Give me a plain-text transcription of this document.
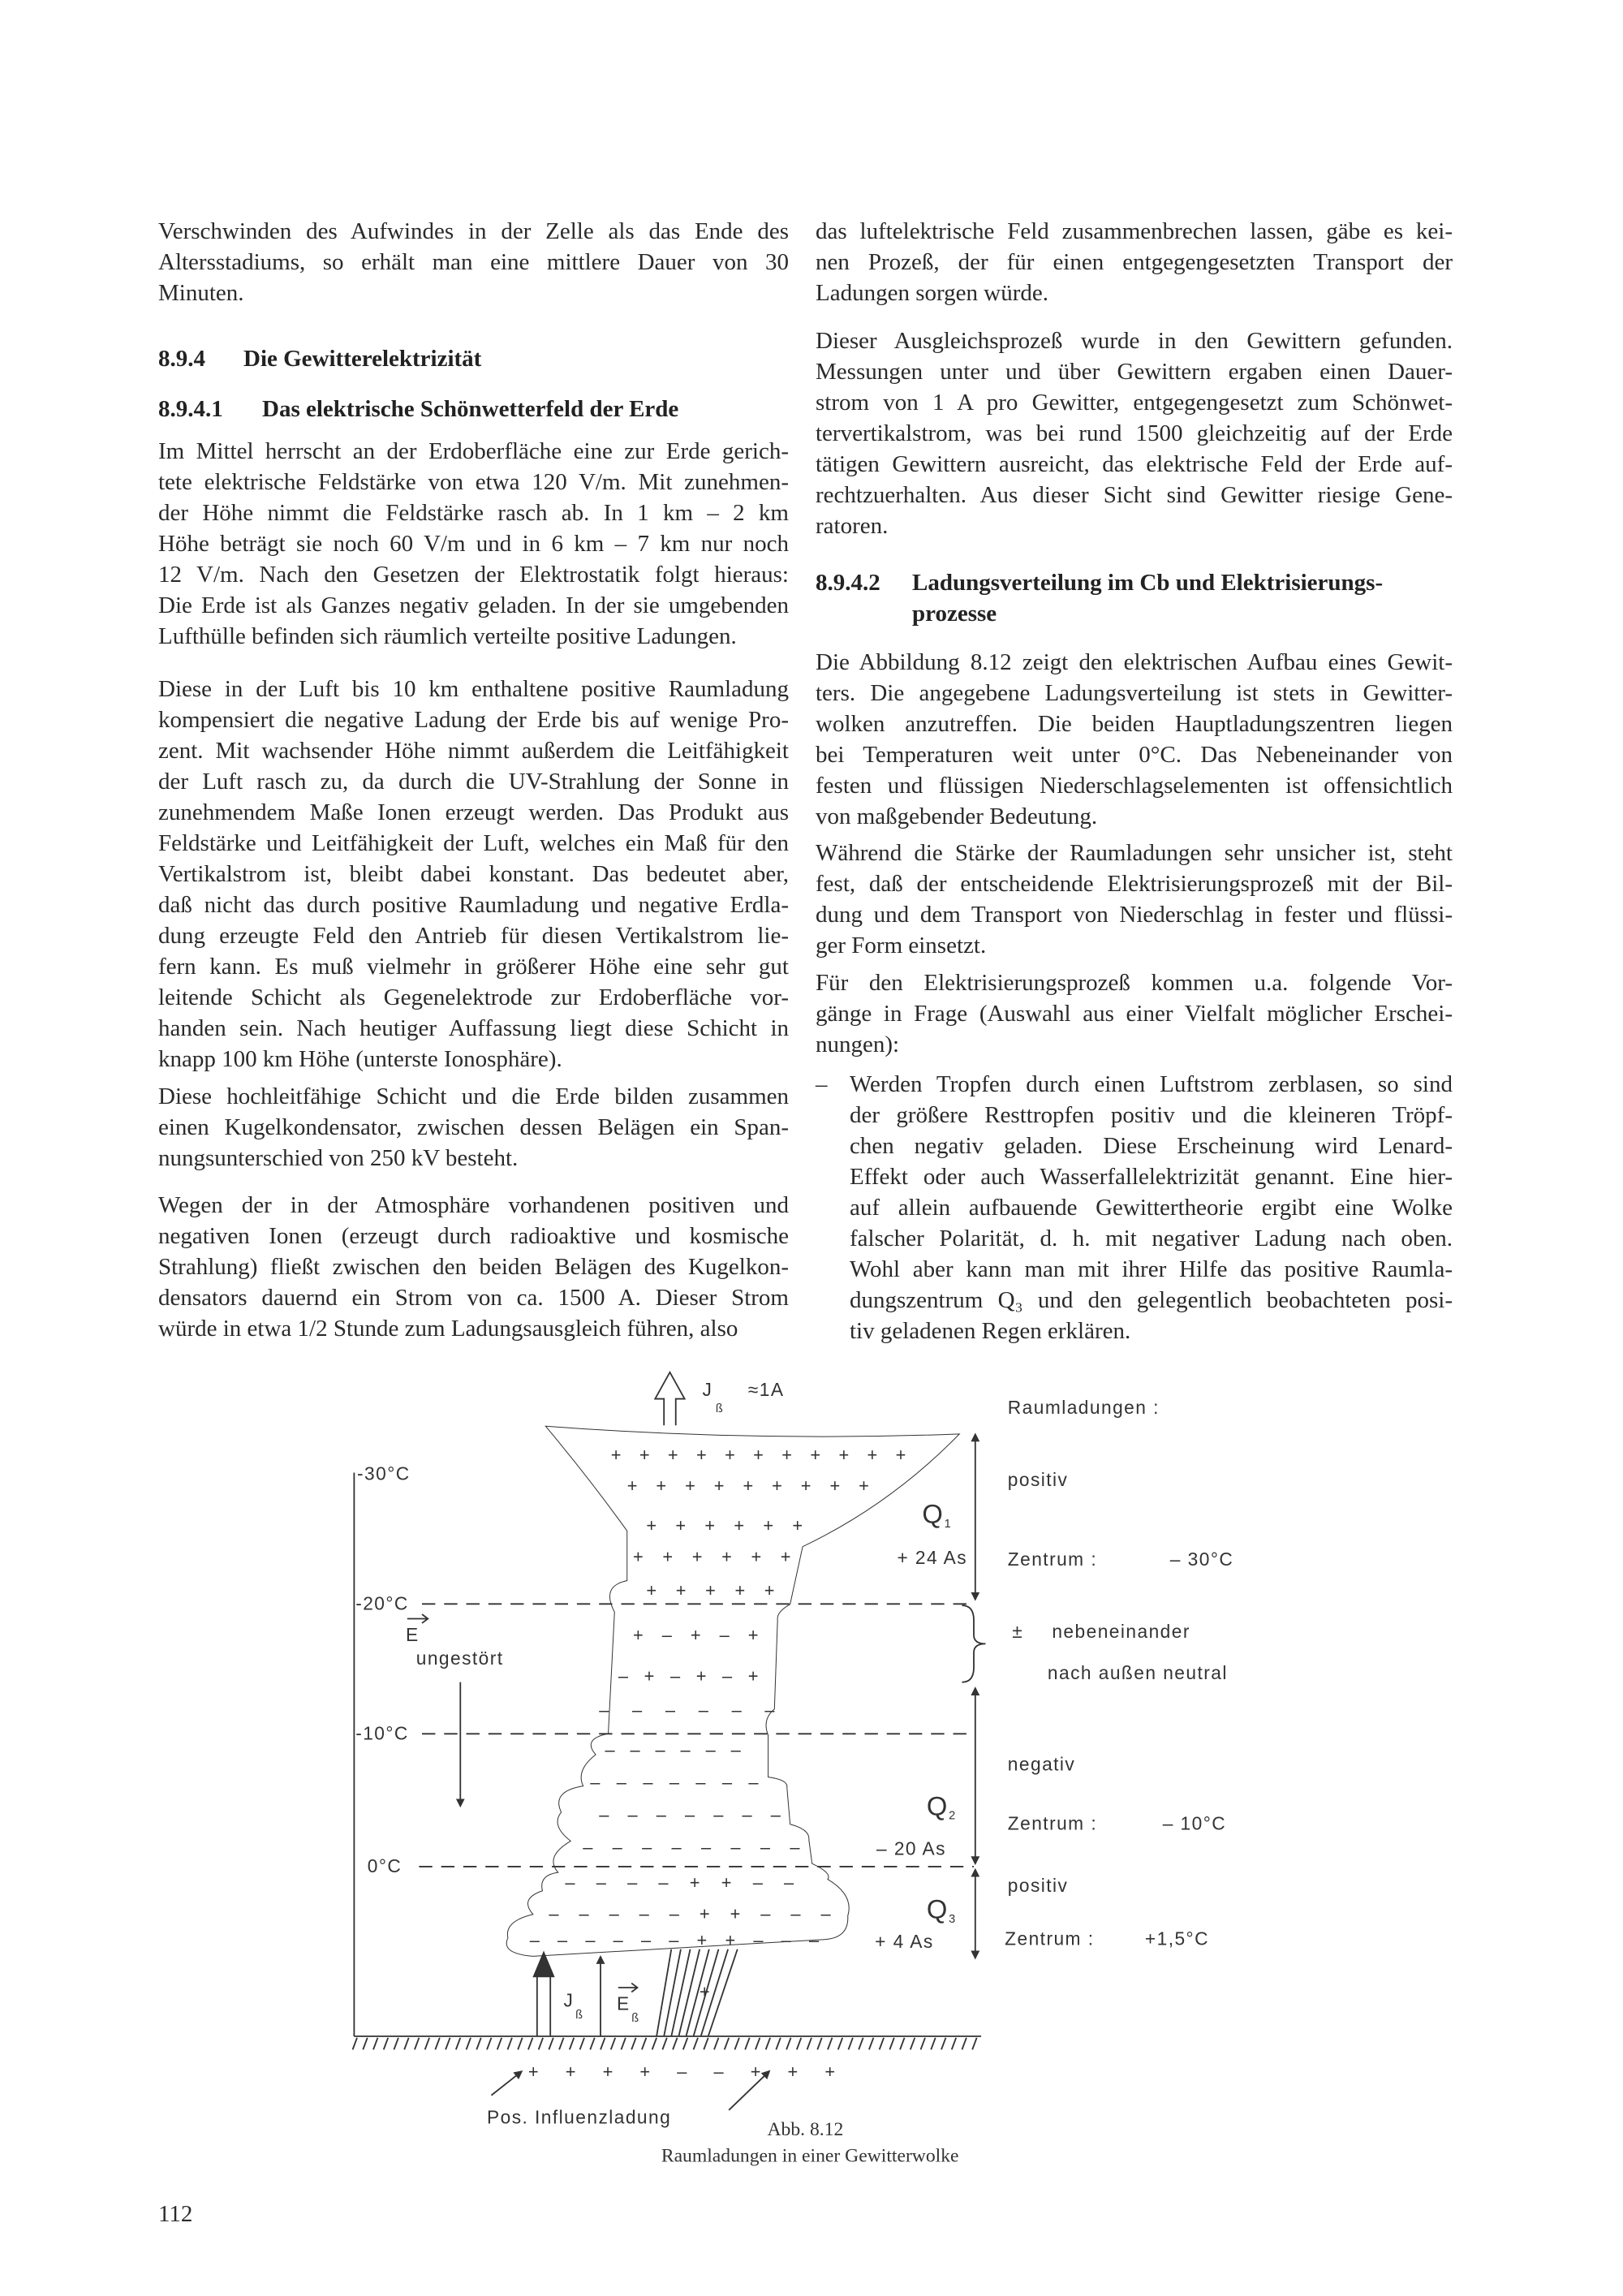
Verschwinden des Aufwindes in der Zelle als das Ende des
Altersstadiums, so erhält man eine mittlere Dauer von 30
Minuten.
8.9.4 Die Gewitterelektrizität
8.9.4.1 Das elektrische Schönwetterfeld der Erde
Im Mittel herrscht an der Erdoberfläche eine zur Erde gerich-
tete elektrische Feldstärke von etwa 120 V/m. Mit zunehmen-
der Höhe nimmt die Feldstärke rasch ab. In 1 km – 2 km
Höhe beträgt sie noch 60 V/m und in 6 km – 7 km nur noch
12 V/m. Nach den Gesetzen der Elektrostatik folgt hieraus:
Die Erde ist als Ganzes negativ geladen. In der sie umgebenden
Lufthülle befinden sich räumlich verteilte positive Ladungen.
Diese in der Luft bis 10 km enthaltene positive Raumladung
kompensiert die negative Ladung der Erde bis auf wenige Pro-
zent. Mit wachsender Höhe nimmt außerdem die Leitfähigkeit
der Luft rasch zu, da durch die UV-Strahlung der Sonne in
zunehmendem Maße Ionen erzeugt werden. Das Produkt aus
Feldstärke und Leitfähigkeit der Luft, welches ein Maß für den
Vertikalstrom ist, bleibt dabei konstant. Das bedeutet aber,
daß nicht das durch positive Raumladung und negative Erdla-
dung erzeugte Feld den Antrieb für diesen Vertikalstrom lie-
fern kann. Es muß vielmehr in größerer Höhe eine sehr gut
leitende Schicht als Gegenelektrode zur Erdoberfläche vor-
handen sein. Nach heutiger Auffassung liegt diese Schicht in
knapp 100 km Höhe (unterste Ionosphäre).
Diese hochleitfähige Schicht und die Erde bilden zusammen
einen Kugelkondensator, zwischen dessen Belägen ein Span-
nungsunterschied von 250 kV besteht.
Wegen der in der Atmosphäre vorhandenen positiven und
negativen Ionen (erzeugt durch radioaktive und kosmische
Strahlung) fließt zwischen den beiden Belägen des Kugelkon-
densators dauernd ein Strom von ca. 1500 A. Dieser Strom
würde in etwa 1/2 Stunde zum Ladungsausgleich führen, also
das luftelektrische Feld zusammenbrechen lassen, gäbe es kei-
nen Prozeß, der für einen entgegengesetzten Transport der
Ladungen sorgen würde.
Dieser Ausgleichsprozeß wurde in den Gewittern gefunden.
Messungen unter und über Gewittern ergaben einen Dauer-
strom von 1 A pro Gewitter, entgegengesetzt zum Schönwet-
tervertikalstrom, was bei rund 1500 gleichzeitig auf der Erde
tätigen Gewittern ausreicht, das elektrische Feld der Erde auf-
rechtzuerhalten. Aus dieser Sicht sind Gewitter riesige Gene-
ratoren.
8.9.4.2 Ladungsverteilung im Cb und Elektrisierungs-
prozesse
Die Abbildung 8.12 zeigt den elektrischen Aufbau eines Gewit-
ters. Die angegebene Ladungsverteilung ist stets in Gewitter-
wolken anzutreffen. Die beiden Hauptladungszentren liegen
bei Temperaturen weit unter 0°C. Das Nebeneinander von
festen und flüssigen Niederschlagselementen ist offensichtlich
von maßgebender Bedeutung.
Während die Stärke der Raumladungen sehr unsicher ist, steht
fest, daß der entscheidende Elektrisierungsprozeß mit der Bil-
dung und dem Transport von Niederschlag in fester und flüssi-
ger Form einsetzt.
Für den Elektrisierungsprozeß kommen u.a. folgende Vor-
gänge in Frage (Auswahl aus einer Vielfalt möglicher Erschei-
nungen):
– Werden Tropfen durch einen Luftstrom zerblasen, so sind
der größere Resttropfen positiv und die kleineren Tröpf-
chen negativ geladen. Diese Erscheinung wird Lenard-
Effekt oder auch Wasserfallelektrizität genannt. Eine hier-
auf allein aufbauende Gewittertheorie ergibt eine Wolke
falscher Polarität, d. h. mit negativer Ladung nach oben.
Wohl aber kann man mit ihrer Hilfe das positive Raumla-
dungszentrum Q₃ und den gelegentlich beobachteten posi-
tiv geladenen Regen erklären.
J
ß
≈1A
-30°C
-20°C
-10°C
0°C
E
ungestört
+ + + + + + + + + + +
+ + + + + + + + +
+ + + + + +
+ + + + + +
+ + + + +
+ – + – +
– + – + – +
– – – – – –
– – – – – –
– – – – – – –
– – – – – – –
– – – – – – – –
– – – – + + – –
– – – – – + + – – –
– – – – – – + + – – –
Q 1
+ 24 As
Q 2
– 20 As
Q 3
+ 4 As
Raumladungen :
positiv
Zentrum :	– 30°C
±	nebeneinander
nach außen neutral
negativ
Zentrum :	– 10°C
positiv
Zentrum :	+1,5°C
J
ß
E
ß
+
+ + + + – – + + +
Pos. Influenzladung
Abb. 8.12
Raumladungen in einer Gewitterwolke
112
